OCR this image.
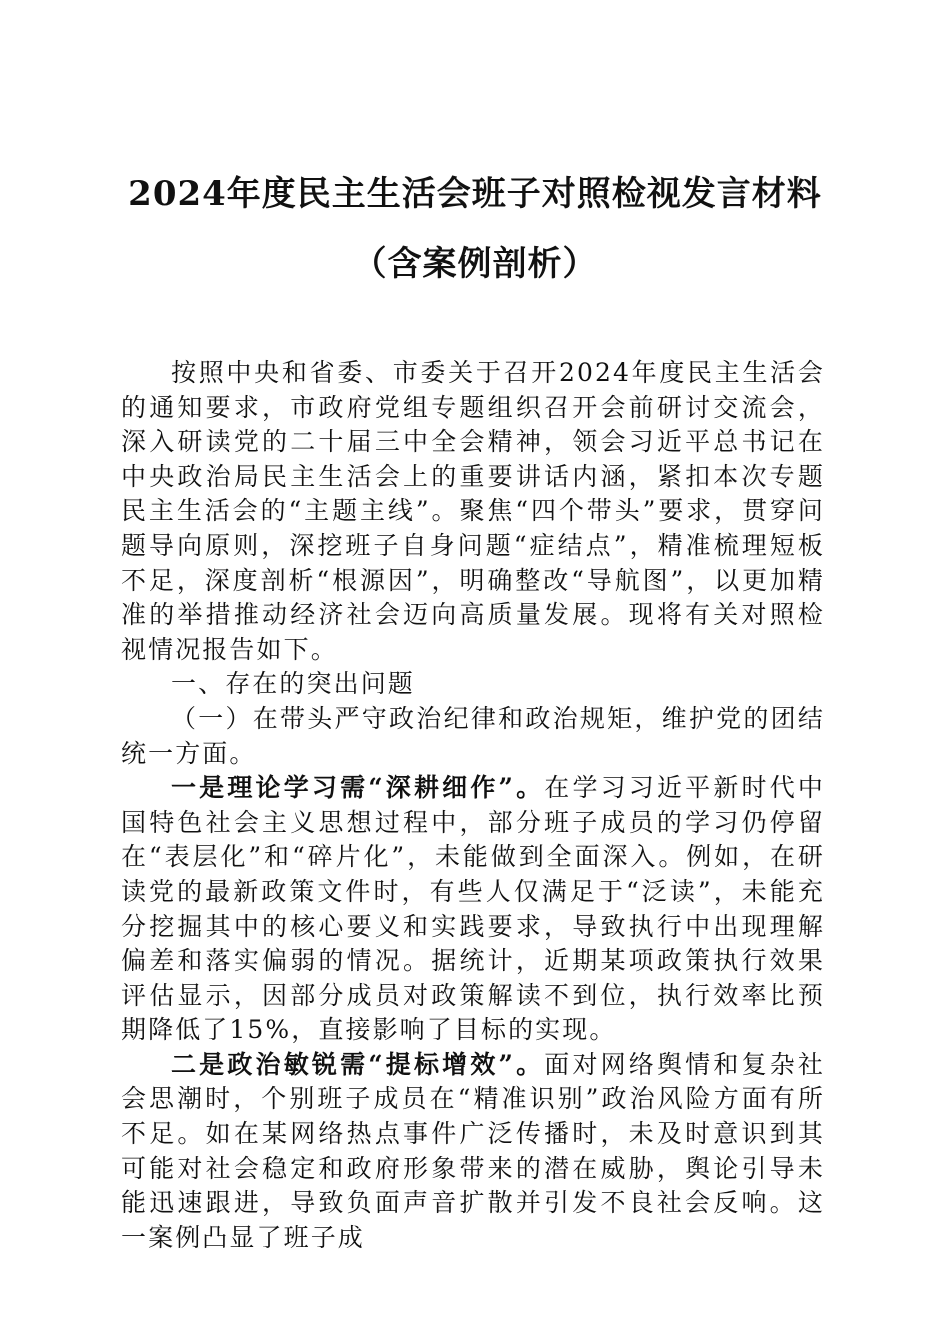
2024年度民主生活会班子对照检视发言材料
（含案例剖析）

按照中央和省委、市委关于召开2024年度民主生活会的通知要求，市政府党组专题组织召开会前研讨交流会，深入研读党的二十届三中全会精神，领会习近平总书记在中央政治局民主生活会上的重要讲话内涵，紧扣本次专题民主生活会的“主题主线”。聚焦“四个带头”要求，贯穿问题导向原则，深挖班子自身问题“症结点”，精准梳理短板不足，深度剖析“根源因”，明确整改“导航图”，以更加精准的举措推动经济社会迈向高质量发展。现将有关对照检视情况报告如下。

一、存在的突出问题

（一）在带头严守政治纪律和政治规矩，维护党的团结统一方面。

一是理论学习需“深耕细作”。在学习习近平新时代中国特色社会主义思想过程中，部分班子成员的学习仍停留在“表层化”和“碎片化”，未能做到全面深入。例如，在研读党的最新政策文件时，有些人仅满足于“泛读”，未能充分挖掘其中的核心要义和实践要求，导致执行中出现理解偏差和落实偏弱的情况。据统计，近期某项政策执行效果评估显示，因部分成员对政策解读不到位，执行效率比预期降低了15%，直接影响了目标的实现。

二是政治敏锐需“提标增效”。面对网络舆情和复杂社会思潮时，个别班子成员在“精准识别”政治风险方面有所不足。如在某网络热点事件广泛传播时，未及时意识到其可能对社会稳定和政府形象带来的潜在威胁，舆论引导未能迅速跟进，导致负面声音扩散并引发不良社会反响。这一案例凸显了班子成
